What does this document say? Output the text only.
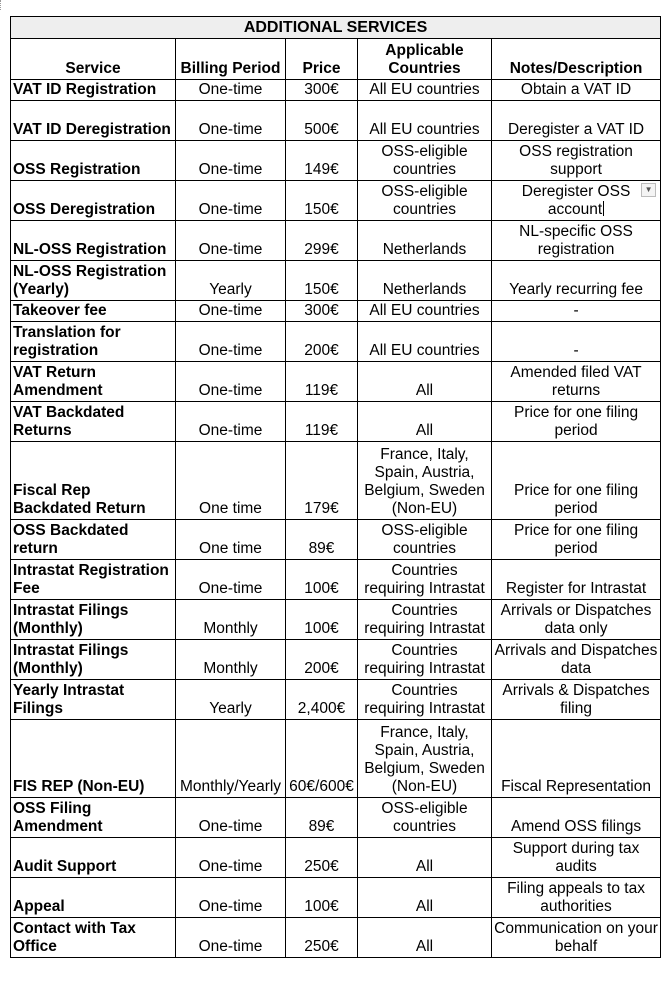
ADDITIONAL SERVICES				
Service	Billing Period	Price	Applicable Countries	Notes/Description
VAT ID Registration	One-time	300€	All EU countries	Obtain a VAT ID
VAT ID Deregistration	One-time	500€	All EU countries	Deregister a VAT ID
OSS Registration	One-time	149€	OSS-eligible countries	OSS registration support
OSS Deregistration	One-time	150€	OSS-eligible countries	Deregister OSS account
▼

NL-OSS Registration	One-time	299€	Netherlands	NL-specific OSS registration
NL-OSS Registration (Yearly)	Yearly	150€	Netherlands	Yearly recurring fee
Takeover fee	One-time	300€	All EU countries	-
Translation for registration	One-time	200€	All EU countries	-
VAT Return Amendment	One-time	119€	All	Amended filed VAT returns
VAT Backdated Returns	One-time	119€	All	Price for one filing period
Fiscal Rep Backdated Return	One time	179€	France, Italy, Spain, Austria, Belgium, Sweden (Non-EU)	Price for one filing period
OSS Backdated return	One time	89€	OSS-eligible countries	Price for one filing period
Intrastat Registration Fee	One-time	100€	Countries requiring Intrastat	Register for Intrastat
Intrastat Filings (Monthly)	Monthly	100€	Countries requiring Intrastat	Arrivals or Dispatches data only
Intrastat Filings (Monthly)	Monthly	200€	Countries requiring Intrastat	Arrivals and Dispatches data
Yearly Intrastat Filings	Yearly	2,400€	Countries requiring Intrastat	Arrivals & Dispatches filing
FIS REP (Non-EU)	Monthly/Yearly	60€/600€	France, Italy, Spain, Austria, Belgium, Sweden (Non-EU)	Fiscal Representation
OSS Filing Amendment	One-time	89€	OSS-eligible countries	Amend OSS filings
Audit Support	One-time	250€	All	Support during tax audits
Appeal	One-time	100€	All	Filing appeals to tax authorities
Contact with Tax Office	One-time	250€	All	Communication on your behalf
